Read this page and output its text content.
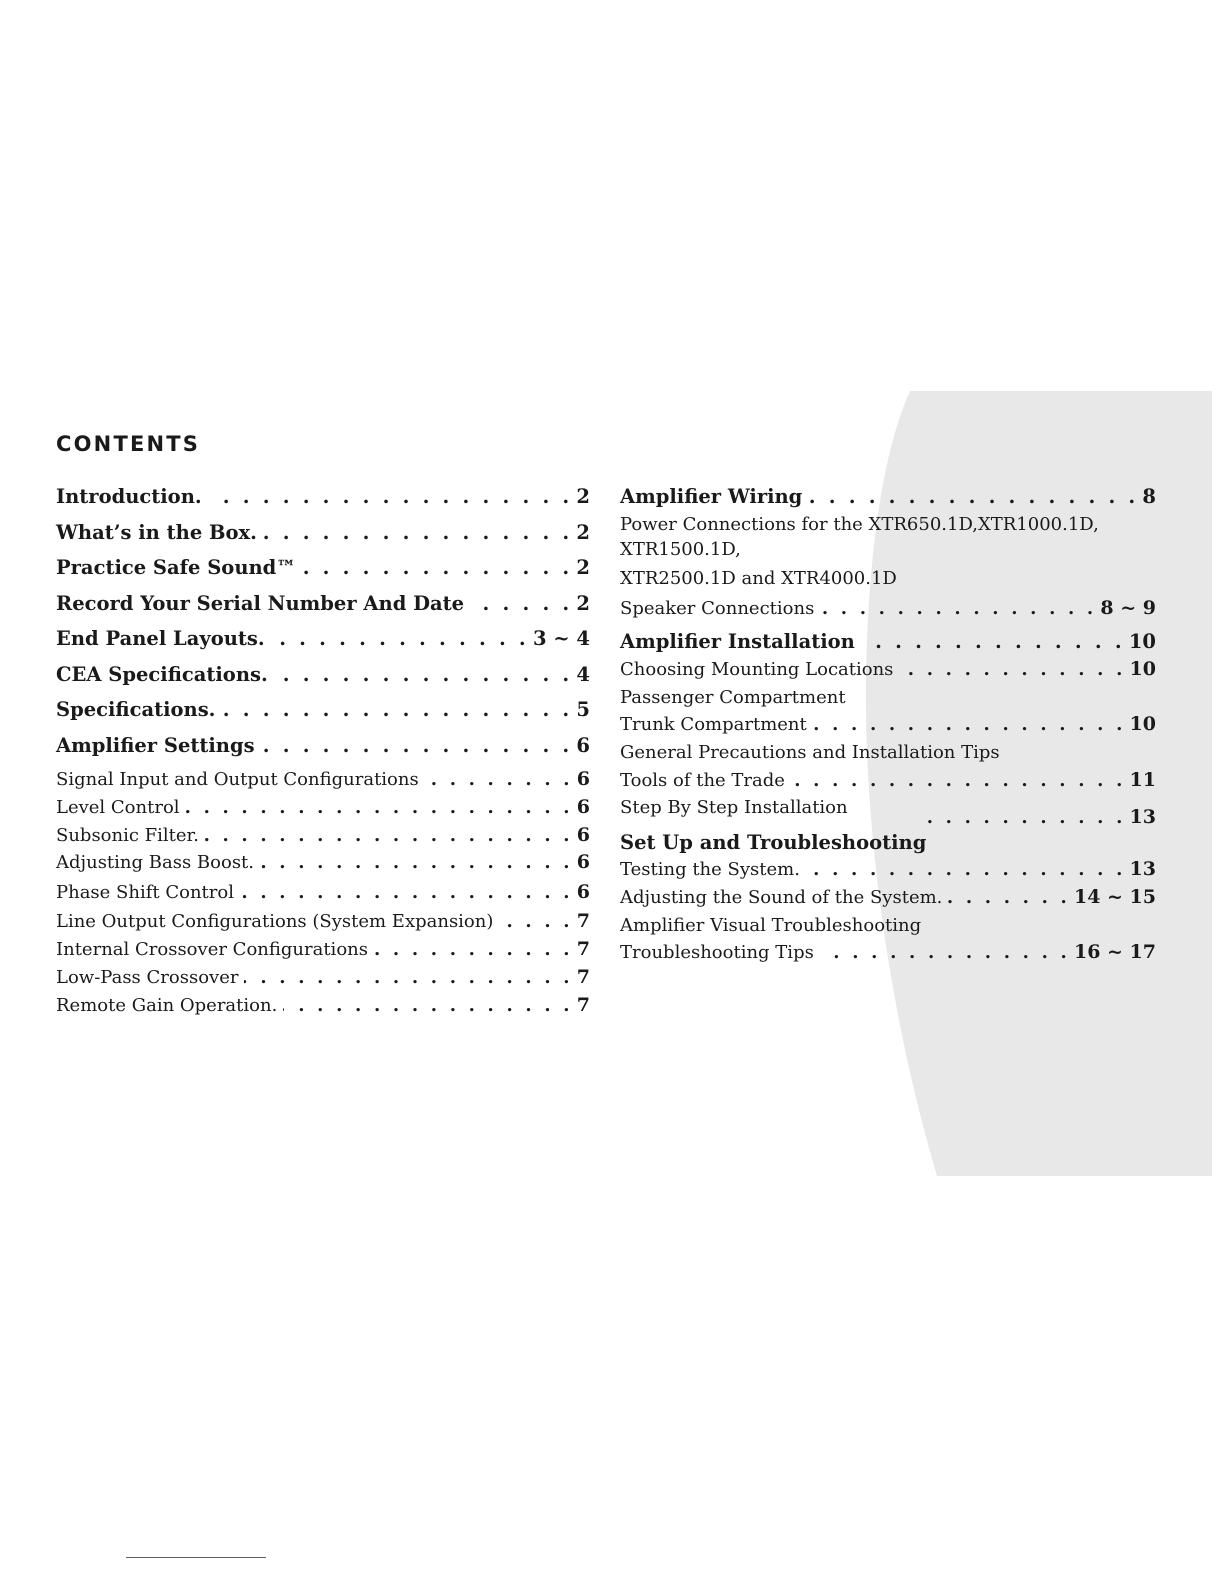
CONTENTS
Introduction. . . .	2
What’s in the Box. . . .	2
Practice Safe Sound™ . . .	2
Record Your Serial Number And Date . . .	2
End Panel Layouts. . . .	3 ~ 4
CEA Specifications. . . .	4
Specifications. . . .	5
Amplifier Settings . . .	6
Signal Input and Output Configurations . . .	6
Level Control . . .	6
Subsonic Filter. . . .	6
Adjusting Bass Boost. . . .	6
Phase Shift Control . . .	6
Line Output Configurations (System Expansion) . . .	7
Internal Crossover Configurations . . .	7
Low-Pass Crossover . . .	7
Remote Gain Operation. . . .	7
Amplifier Wiring . . .	8
Power Connections for the XTR650.1D,XTR1000.1D,
XTR1500.1D,
XTR2500.1D and XTR4000.1D
Speaker Connections . . .	8 ~ 9
Amplifier Installation . . .	10
Choosing Mounting Locations . . .	10
Passenger Compartment
Trunk Compartment . . .	10
General Precautions and Installation Tips
Tools of the Trade . . .	11
Step By Step Installation . . .	13
Set Up and Troubleshooting
Testing the System. . . .	13
Adjusting the Sound of the System. . . .	14 ~ 15
Amplifier Visual Troubleshooting
Troubleshooting Tips . . .	16 ~ 17
